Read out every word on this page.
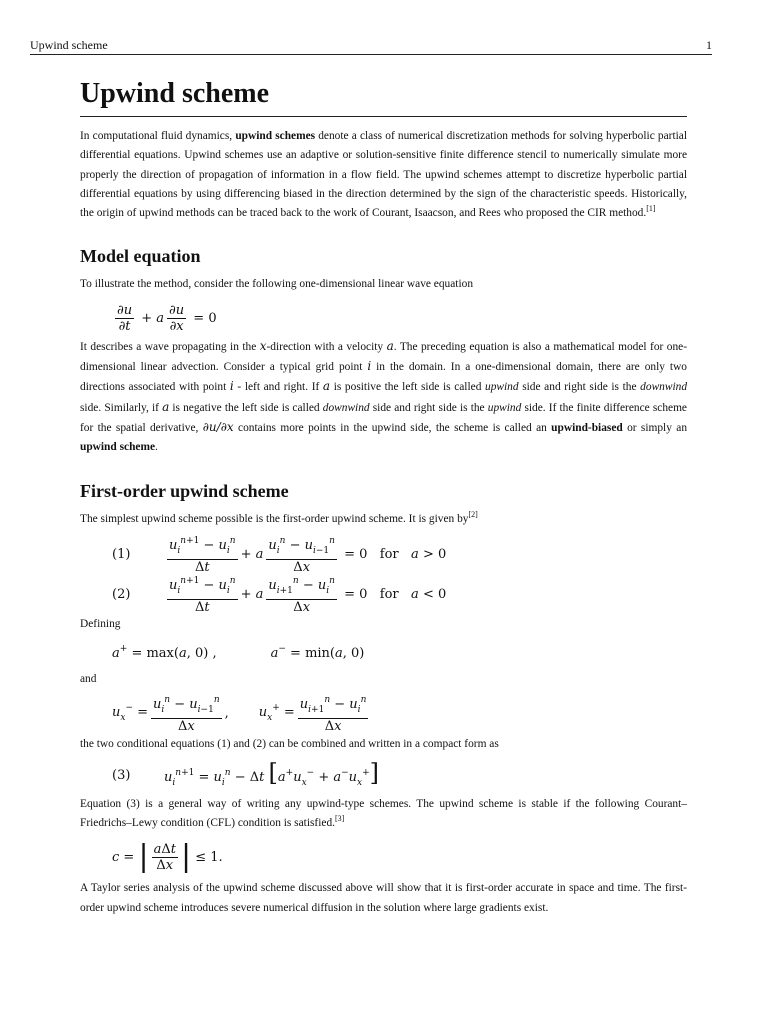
Upwind scheme	1
Upwind scheme

In computational fluid dynamics, upwind schemes denote a class of numerical discretization methods for solving hyperbolic partial differential equations. Upwind schemes use an adaptive or solution-sensitive finite difference stencil to numerically simulate more properly the direction of propagation of information in a flow field. The upwind schemes attempt to discretize hyperbolic partial differential equations by using differencing biased in the direction determined by the sign of the characteristic speeds. Historically, the origin of upwind methods can be traced back to the work of Courant, Isaacson, and Rees who proposed the CIR method.[1]

Model equation

To illustrate the method, consider the following one-dimensional linear wave equation

∂u
∂t
+ a $\frac{\partial u}{\partial x} = 0$

It describes a wave propagating in the x-direction with a velocity a. The preceding equation is also a mathematical model for one-dimensional linear advection. Consider a typical grid point i in the domain. In a one-dimensional domain, there are only two directions associated with point i - left and right. If a is positive the left side is called upwind side and right side is the downwind side. Similarly, if a is negative the left side is called downwind side and right side is the upwind side. If the finite difference scheme for the spatial derivative, ∂u/∂x contains more points in the upwind side, the scheme is called an upwind-biased or simply an upwind scheme.

First-order upwind scheme

The simplest upwind scheme possible is the first-order upwind scheme. It is given by[2]

(1)
$u_i^{n+1} - u_i^n$
Δt
+ a
$u_i^n - u_{i-1}^n$
Δx
= 0 for a > 0
(2)
$u_i^{n+1} - u_i^n$
Δt
+ a
$u_{i+1}^n - u_i^n$
Δx
= 0 for a < 0

Defining

a+ = max(a, 0) ,	a− = min(a, 0)

and

$u_x^-$ =
$u_i^n - u_{i-1}^n$
Δx
, $u_x^+$ =
$u_{i+1}^n - u_i^n$
Δx

the two conditional equations (1) and (2) can be combined and written in a compact form as

(3)	$u_i^{n+1} = u_i^n - \Delta t$ $[a^+u_x^- + a^-u_x^+]$

Equation (3) is a general way of writing any upwind-type schemes. The upwind scheme is stable if the following Courant–Friedrichs–Lewy condition (CFL) condition is satisfied.[3]

c = | aΔt
Δx | ≤ 1.

A Taylor series analysis of the upwind scheme discussed above will show that it is first-order accurate in space and time. The first-order upwind scheme introduces severe numerical diffusion in the solution where large gradients exist.
